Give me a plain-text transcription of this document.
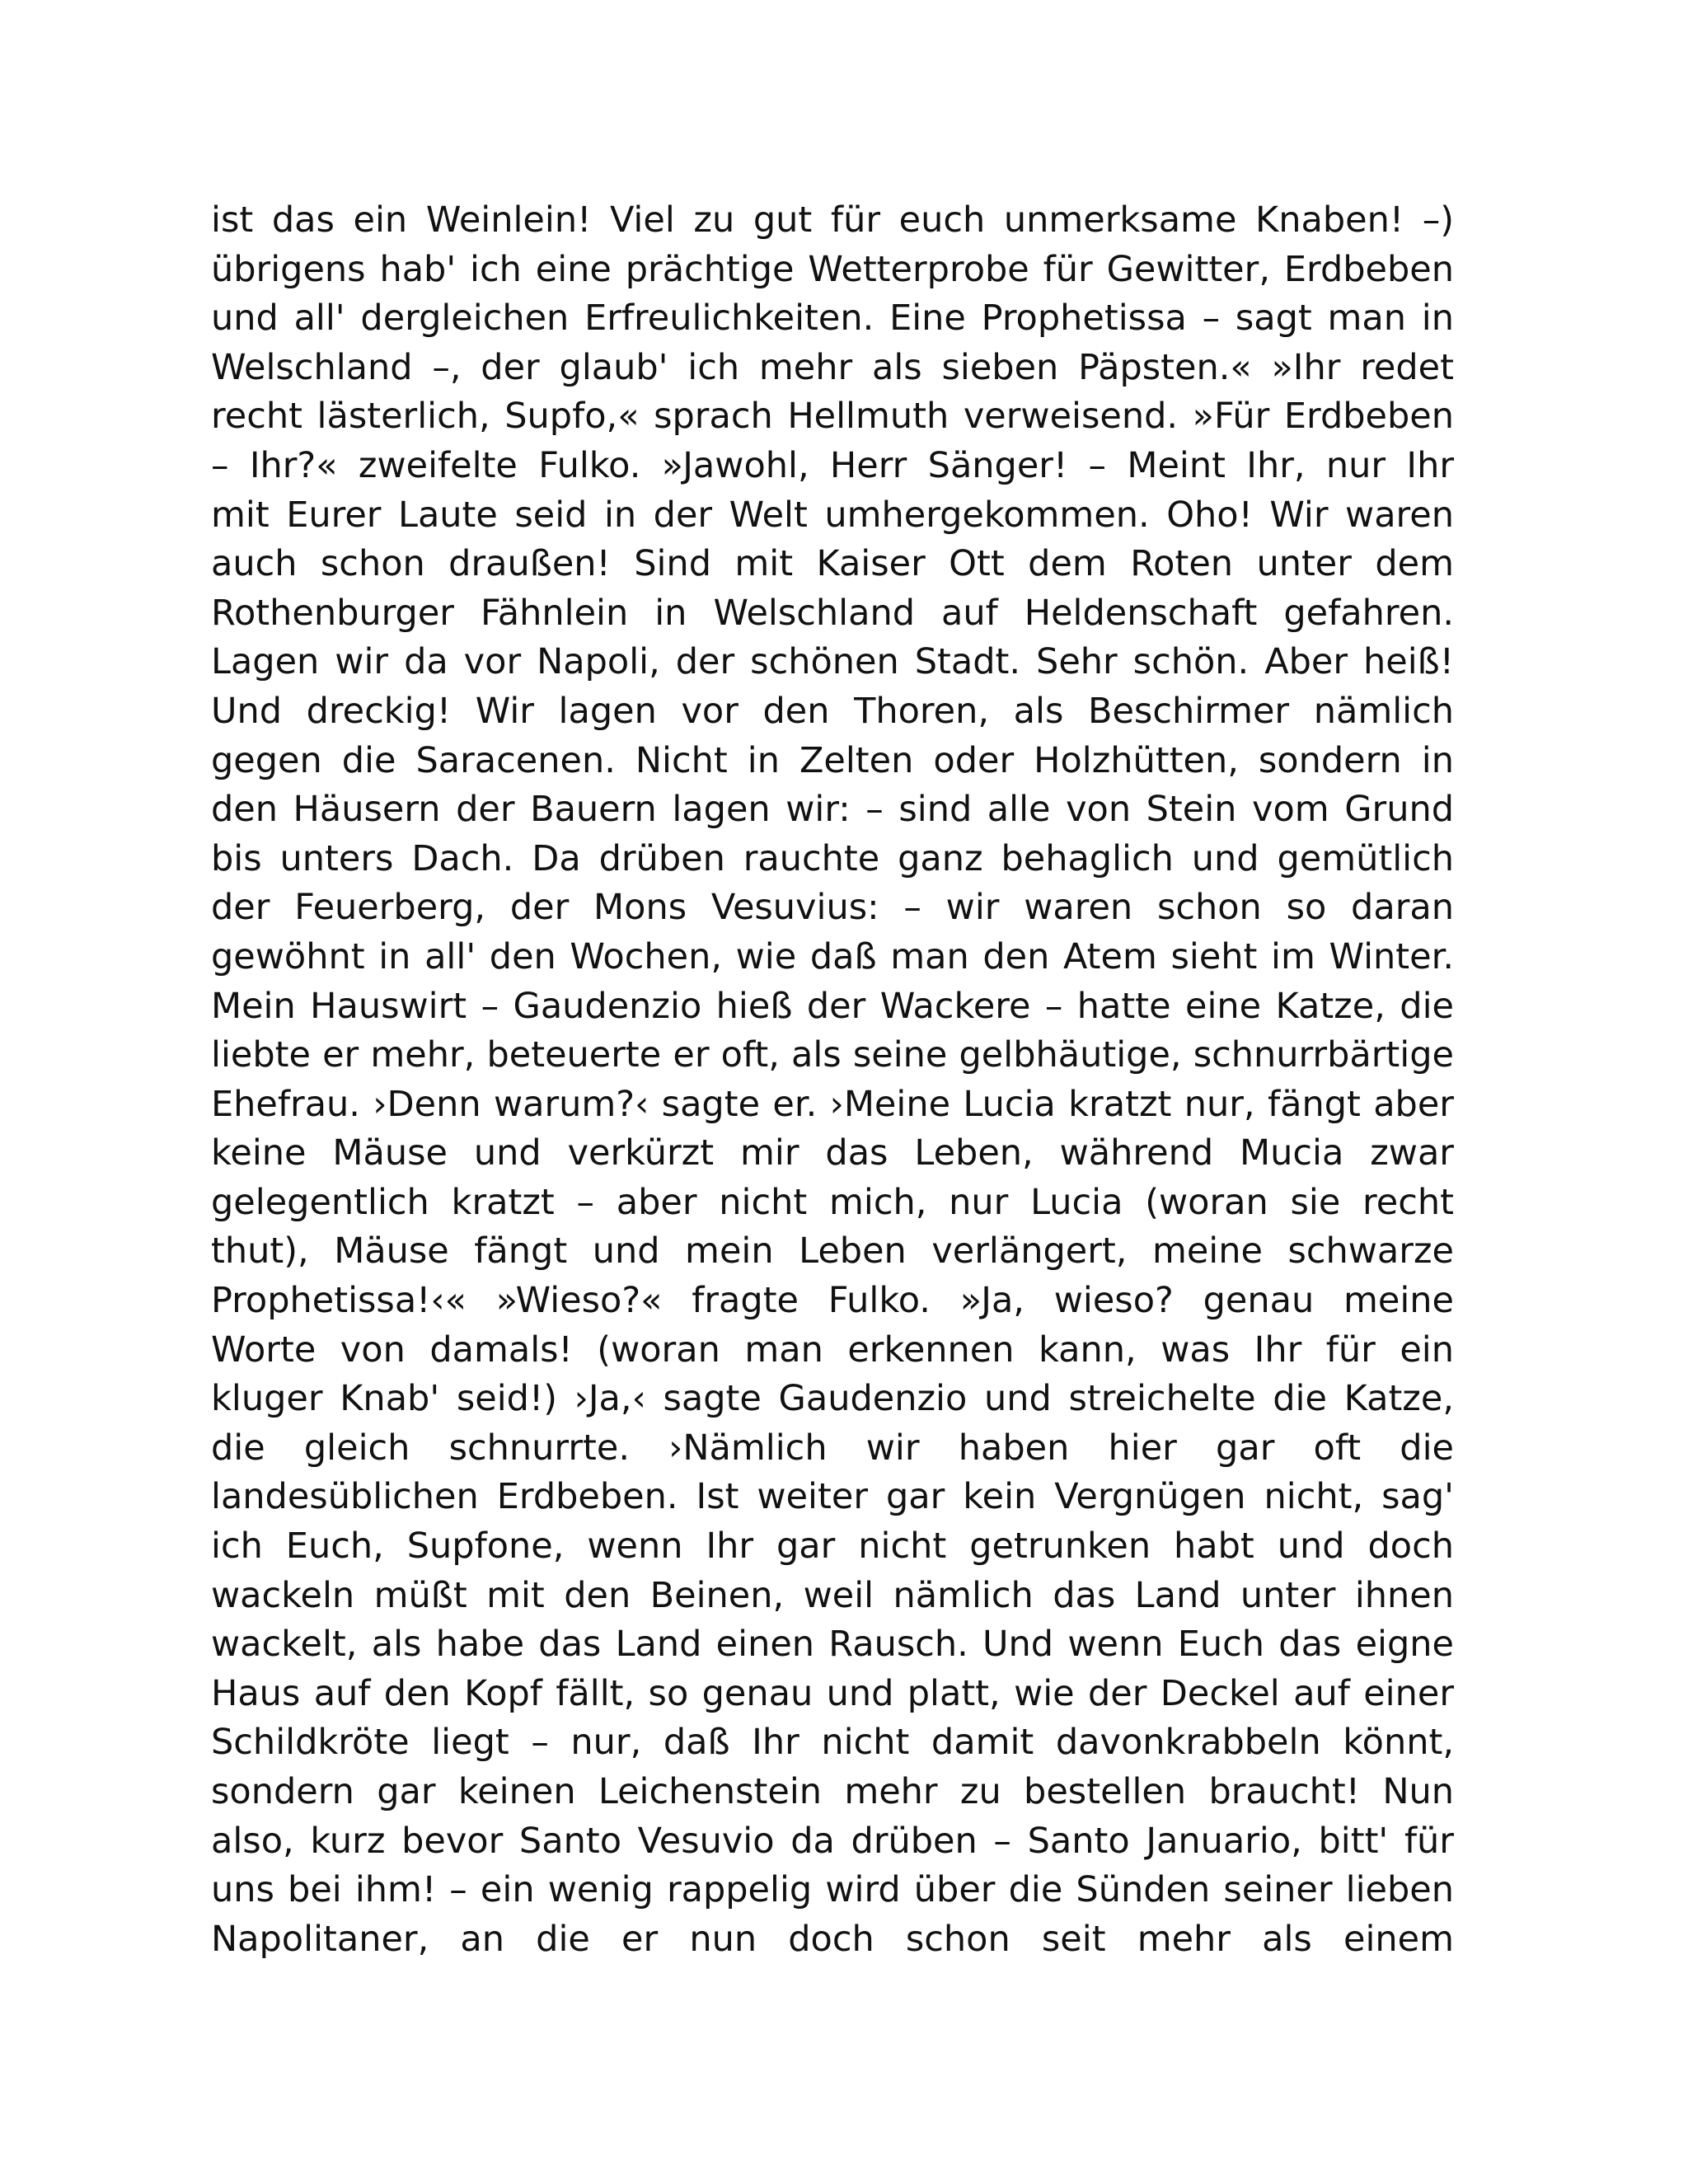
ist das ein Weinlein! Viel zu gut für euch unmerksame Knaben! –)
übrigens hab' ich eine prächtige Wetterprobe für Gewitter, Erdbeben
und all' dergleichen Erfreulichkeiten. Eine Prophetissa – sagt man in
Welschland –, der glaub' ich mehr als sieben Päpsten.« »Ihr redet
recht lästerlich, Supfo,« sprach Hellmuth verweisend. »Für Erdbeben
– Ihr?« zweifelte Fulko. »Jawohl, Herr Sänger! – Meint Ihr, nur Ihr
mit Eurer Laute seid in der Welt umhergekommen. Oho! Wir waren
auch schon draußen! Sind mit Kaiser Ott dem Roten unter dem
Rothenburger Fähnlein in Welschland auf Heldenschaft gefahren.
Lagen wir da vor Napoli, der schönen Stadt. Sehr schön. Aber heiß!
Und dreckig! Wir lagen vor den Thoren, als Beschirmer nämlich
gegen die Saracenen. Nicht in Zelten oder Holzhütten, sondern in
den Häusern der Bauern lagen wir: – sind alle von Stein vom Grund
bis unters Dach. Da drüben rauchte ganz behaglich und gemütlich
der Feuerberg, der Mons Vesuvius: – wir waren schon so daran
gewöhnt in all' den Wochen, wie daß man den Atem sieht im Winter.
Mein Hauswirt – Gaudenzio hieß der Wackere – hatte eine Katze, die
liebte er mehr, beteuerte er oft, als seine gelbhäutige, schnurrbärtige
Ehefrau. ›Denn warum?‹ sagte er. ›Meine Lucia kratzt nur, fängt aber
keine Mäuse und verkürzt mir das Leben, während Mucia zwar
gelegentlich kratzt – aber nicht mich, nur Lucia (woran sie recht
thut), Mäuse fängt und mein Leben verlängert, meine schwarze
Prophetissa!‹« »Wieso?« fragte Fulko. »Ja, wieso? genau meine
Worte von damals! (woran man erkennen kann, was Ihr für ein
kluger Knab' seid!) ›Ja,‹ sagte Gaudenzio und streichelte die Katze,
die gleich schnurrte. ›Nämlich wir haben hier gar oft die
landesüblichen Erdbeben. Ist weiter gar kein Vergnügen nicht, sag'
ich Euch, Supfone, wenn Ihr gar nicht getrunken habt und doch
wackeln müßt mit den Beinen, weil nämlich das Land unter ihnen
wackelt, als habe das Land einen Rausch. Und wenn Euch das eigne
Haus auf den Kopf fällt, so genau und platt, wie der Deckel auf einer
Schildkröte liegt – nur, daß Ihr nicht damit davonkrabbeln könnt,
sondern gar keinen Leichenstein mehr zu bestellen braucht! Nun
also, kurz bevor Santo Vesuvio da drüben – Santo Januario, bitt' für
uns bei ihm! – ein wenig rappelig wird über die Sünden seiner lieben
Napolitaner, an die er nun doch schon seit mehr als einem
